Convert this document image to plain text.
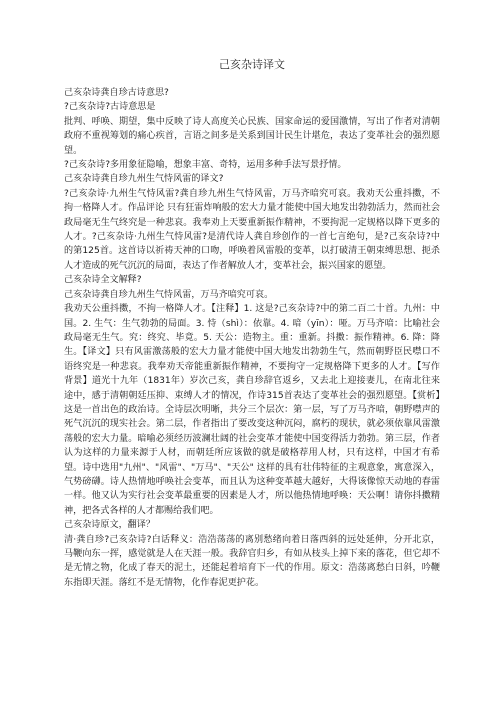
己亥杂诗译文

己亥杂诗龚自珍古诗意思?

?己亥杂诗?古诗意思是

批判、呼唤、期望，集中反映了诗人高度关心民族、国家命运的爱国激情，写出了作者对清朝政府不重视筹划的痛心疾首，言语之间多是关系到国计民生计堪危，表达了变革社会的强烈愿望。

?己亥杂诗?多用象征隐喻，想象丰富、奇特，运用多种手法写景抒情。

己亥杂诗龚自珍九州生气恃风雷的译文?

?己亥杂诗·九州生气恃风雷?龚自珍九州生气恃风雷，万马齐喑究可哀。我劝天公重抖擞，不拘一格降人才。作品评论 只有狂雷炸响般的宏大力量才能使中国大地发出勃勃活力，然而社会政局毫无生气终究是一种悲哀。我奉劝上天要重新振作精神，不要拘泥一定规格以降下更多的人才。?己亥杂诗·九州生气恃风雷?是清代诗人龚自珍创作的一首七言绝句，是?己亥杂诗?中的第125首。这首诗以祈祷天神的口吻，呼唤着风雷般的变革，以打破清王朝束缚思想、扼杀人才造成的死气沉沉的局面，表达了作者解放人才，变革社会，振兴国家的愿望。

己亥杂诗全文解释?

己亥杂诗龚自珍九州生气恃风雷，万马齐喑究可哀。

我劝天公重抖擞，不拘一格降人才。【注释】1. 这是?己亥杂诗?中的第二百二十首。九州：中国。2. 生气：生气勃勃的局面。3. 恃（shì）：依靠。4. 喑（yīn）：哑。万马齐喑：比喻社会政局毫无生气。究：终究、毕竟。5. 天公：造物主。重：重新。抖擞：振作精神。6. 降：降生。【译文】只有风雷激荡般的宏大力量才能使中国大地发出勃勃生气，然而朝野臣民噤口不语终究是一种悲哀。我奉劝天帝能重新振作精神，不要拘守一定规格降下更多的人才。【写作背景】道光十九年（1831年）岁次己亥，龚自珍辞官返乡，又去北上迎接妻儿，在南北往来途中，感于清朝朝廷压抑、束缚人才的情况，作诗315首表达了变革社会的强烈愿望。【赏析】这是一首出色的政治诗。全诗层次明晰，共分三个层次：第一层，写了万马齐喑，朝野噤声的死气沉沉的现实社会。第二层，作者指出了要改变这种沉闷，腐朽的现状，就必须依靠风雷激荡般的宏大力量。暗喻必须经历波澜壮阔的社会变革才能使中国变得活力勃勃。第三层，作者认为这样的力量来源于人材，而朝廷所应该做的就是破格荐用人材，只有这样，中国才有希望。诗中选用"九州"、"风雷"、"万马"、"天公" 这样的具有壮伟特征的主观意象，寓意深入，气势磅礴。诗人热情地呼唤社会变革，而且认为这种变革越大越好，大得该像惊天动地的春雷一样。他又认为实行社会变革最重要的因素是人才，所以他热情地呼唤：天公啊！请你抖擞精神，把各式各样的人才都赐给我们吧。

己亥杂诗原文，翻译？

清·龚自珍?己亥杂诗?白话释义：浩浩荡荡的离别愁绪向着日落西斜的远处延伸，分开北京，马鞭向东一挥，感觉就是人在天涯一般。我辞官归乡，有如从枝头上掉下来的落花，但它却不是无情之物，化成了春天的泥土，还能起着培育下一代的作用。原文：浩荡离愁白日斜，吟鞭东指即天涯。落红不是无情物，化作春泥更护花。
